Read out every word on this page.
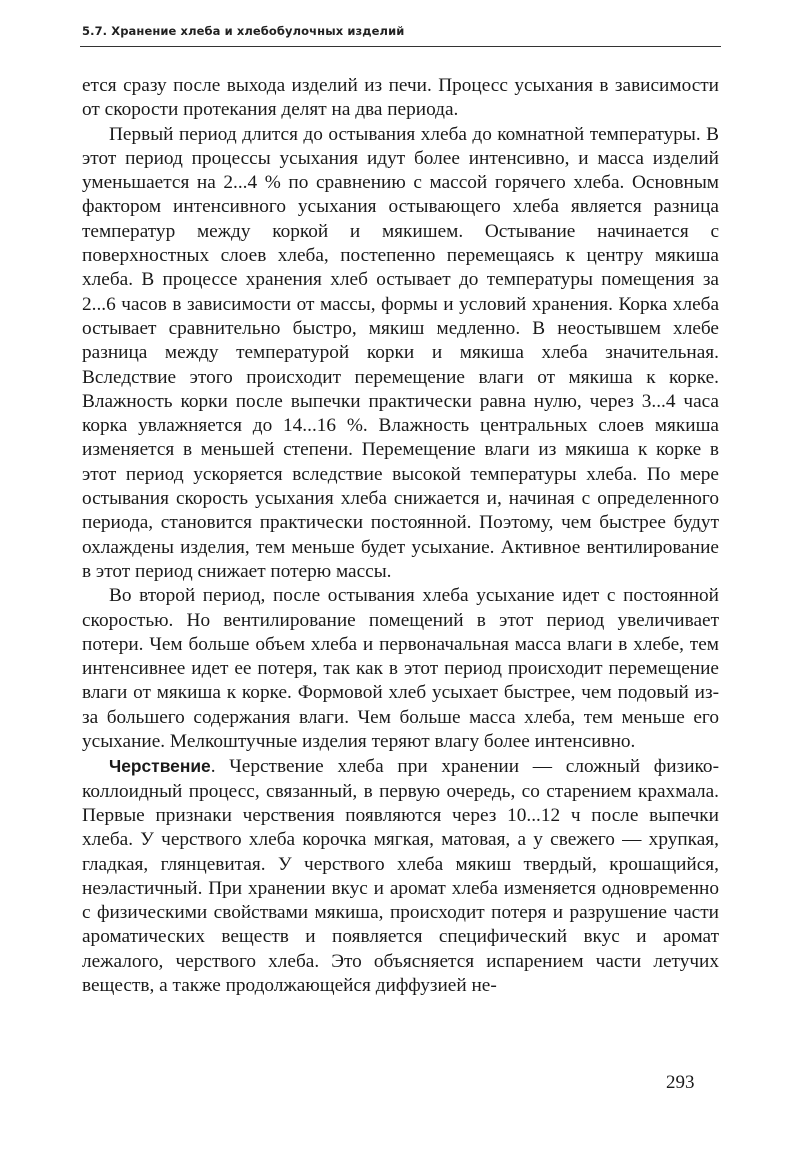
5.7. Хранение хлеба и хлебобулочных изделий

ется сразу после выхода изделий из печи. Процесс усыхания в зависимости от скорости протекания делят на два периода.

Первый период длится до остывания хлеба до комнатной температуры. В этот период процессы усыхания идут более интенсивно, и масса изделий уменьшается на 2...4 % по сравнению с массой горячего хлеба. Основным фактором интенсивного усыхания остывающего хлеба является разница температур между коркой и мякишем. Остывание начинается с поверхностных слоев хлеба, постепенно перемещаясь к центру мякиша хлеба. В процессе хранения хлеб остывает до температуры помещения за 2...6 часов в зависимости от массы, формы и условий хранения. Корка хлеба остывает сравнительно быстро, мякиш медленно. В неостывшем хлебе разница между температурой корки и мякиша хлеба значительная. Вследствие этого происходит перемещение влаги от мякиша к корке. Влажность корки после выпечки практически равна нулю, через 3...4 часа корка увлажняется до 14...16 %. Влажность центральных слоев мякиша изменяется в меньшей степени. Перемещение влаги из мякиша к корке в этот период ускоряется вследствие высокой температуры хлеба. По мере остывания скорость усыхания хлеба снижается и, начиная с определенного периода, становится практически постоянной. Поэтому, чем быстрее будут охлаждены изделия, тем меньше будет усыхание. Активное вентилирование в этот период снижает потерю массы.

Во второй период, после остывания хлеба усыхание идет с постоянной скоростью. Но вентилирование помещений в этот период увеличивает потери. Чем больше объем хлеба и первоначальная масса влаги в хлебе, тем интенсивнее идет ее потеря, так как в этот период происходит перемещение влаги от мякиша к корке. Формовой хлеб усыхает быстрее, чем подовый из-за большего содержания влаги. Чем больше масса хлеба, тем меньше его усыхание. Мелкоштучные изделия теряют влагу более интенсивно.

Черствение. Черствение хлеба при хранении — сложный физико-коллоидный процесс, связанный, в первую очередь, со старением крахмала. Первые признаки черствения появляются через 10...12 ч после выпечки хлеба. У черствого хлеба корочка мягкая, матовая, а у свежего — хрупкая, гладкая, глянцевитая. У черствого хлеба мякиш твердый, крошащийся, неэластичный. При хранении вкус и аромат хлеба изменяется одновременно с физическими свойствами мякиша, происходит потеря и разрушение части ароматических веществ и появляется специфический вкус и аромат лежалого, черствого хлеба. Это объясняется испарением части летучих веществ, а также продолжающейся диффузией не-

293
